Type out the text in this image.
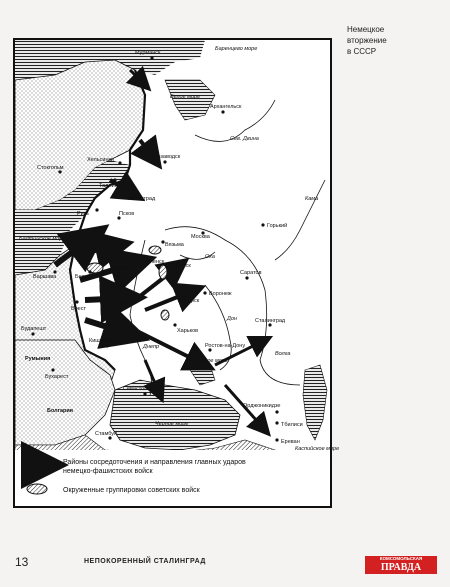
Немецкое
вторжение
в СССР
Мурманск
Архангельск
Петрозаводск
Хельсинки
Стокгольм
Таллин
Ленинград
Рига	Псков
Вильнюс
Минск
Белосток
Варшава
Брест
Москва
Вязьма
Смоленск
Брянск
Горький
Курск
Воронеж
Саратов
Харьков
Киев
Ростов-на-Дону
Сталинград
Кишинев
Бухарест
Будапешт
Орджоникидзе
Тбилиси
Ереван
Севастополь
Стамбул
Румыния
Болгария
Белое море
Балтийское море
Черное море
Каспийское море
Баренцево море
Азовское море
Сев. Двина
Волга
Днепр
Дон
Кама
Ока
Районы сосредоточения и направления главных ударов
немецко-фашистских войск
Окруженные группировки советских войск
13	НЕПОКОРЕННЫЙ СТАЛИНГРАД	КОМСОМОЛЬСКАЯ
ПРАВДА
